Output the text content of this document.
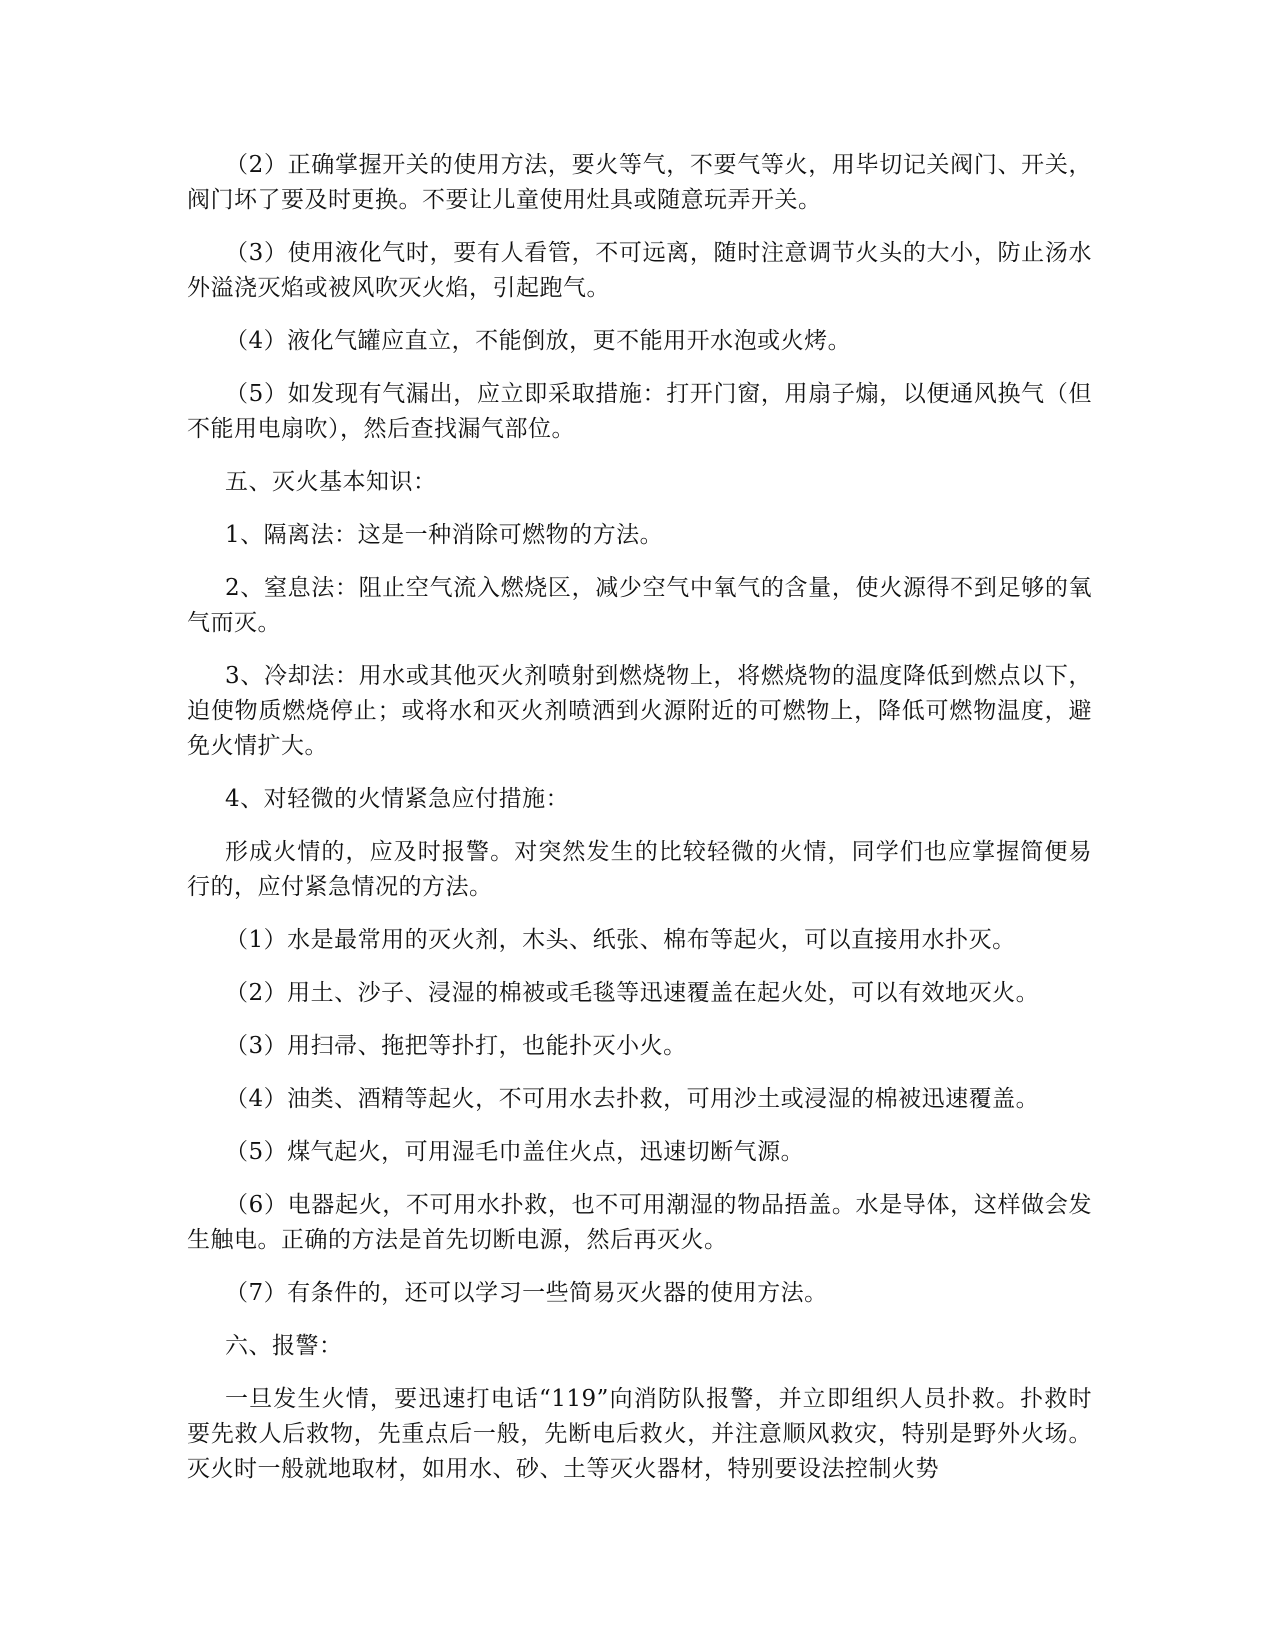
（2）正确掌握开关的使用方法，要火等气，不要气等火，用毕切记关阀门、开关，阀门坏了要及时更换。不要让儿童使用灶具或随意玩弄开关。

（3）使用液化气时，要有人看管，不可远离，随时注意调节火头的大小，防止汤水外溢浇灭焰或被风吹灭火焰，引起跑气。

（4）液化气罐应直立，不能倒放，更不能用开水泡或火烤。

（5）如发现有气漏出，应立即采取措施：打开门窗，用扇子煽，以便通风换气（但不能用电扇吹），然后查找漏气部位。

五、灭火基本知识：

1、隔离法：这是一种消除可燃物的方法。

2、窒息法：阻止空气流入燃烧区，减少空气中氧气的含量，使火源得不到足够的氧气而灭。

3、冷却法：用水或其他灭火剂喷射到燃烧物上，将燃烧物的温度降低到燃点以下，迫使物质燃烧停止；或将水和灭火剂喷洒到火源附近的可燃物上，降低可燃物温度，避免火情扩大。

4、对轻微的火情紧急应付措施：

形成火情的，应及时报警。对突然发生的比较轻微的火情，同学们也应掌握简便易行的，应付紧急情况的方法。

（1）水是最常用的灭火剂，木头、纸张、棉布等起火，可以直接用水扑灭。

（2）用土、沙子、浸湿的棉被或毛毯等迅速覆盖在起火处，可以有效地灭火。

（3）用扫帚、拖把等扑打，也能扑灭小火。

（4）油类、酒精等起火，不可用水去扑救，可用沙土或浸湿的棉被迅速覆盖。

（5）煤气起火，可用湿毛巾盖住火点，迅速切断气源。

（6）电器起火，不可用水扑救，也不可用潮湿的物品捂盖。水是导体，这样做会发生触电。正确的方法是首先切断电源，然后再灭火。

（7）有条件的，还可以学习一些简易灭火器的使用方法。

六、报警：

一旦发生火情，要迅速打电话“119”向消防队报警，并立即组织人员扑救。扑救时要先救人后救物，先重点后一般，先断电后救火，并注意顺风救灾，特别是野外火场。灭火时一般就地取材，如用水、砂、土等灭火器材，特别要设法控制火势
